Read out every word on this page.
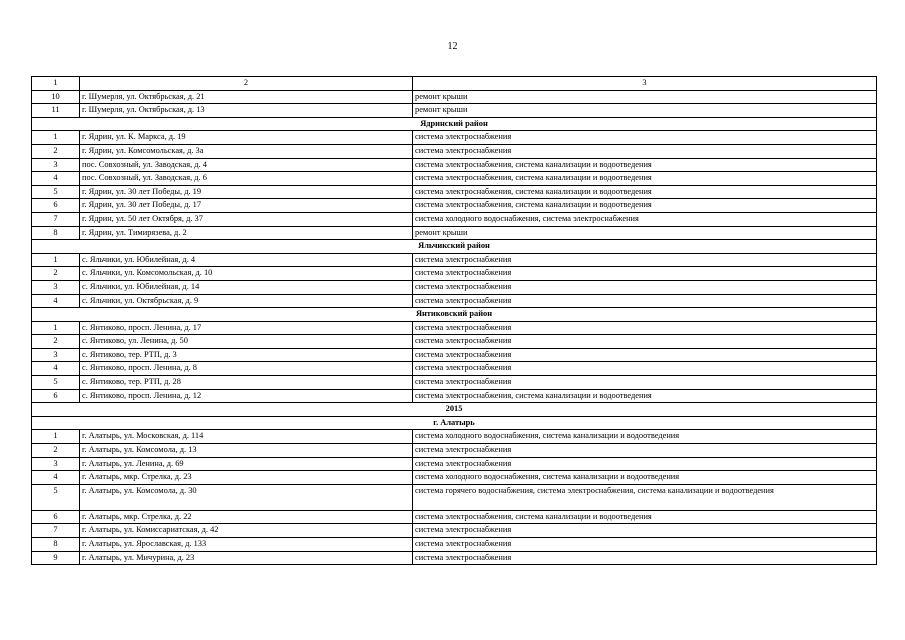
12
1	2	3
10	г. Шумерля, ул. Октябрьская, д. 21	ремонт крыши
11	г. Шумерля, ул. Октябрьская, д. 13	ремонт крыши
Ядринский район		
1	г. Ядрин, ул. К. Маркса, д. 19	система электроснабжения
2	г. Ядрин, ул. Комсомольская, д. 3а	система электроснабжения
3	пос. Совхозный, ул. Заводская, д. 4	система электроснабжения, система канализации и водоотведения
4	пос. Совхозный, ул. Заводская, д. 6	система электроснабжения, система канализации и водоотведения
5	г. Ядрин, ул. 30 лет Победы, д. 19	система электроснабжения, система канализации и водоотведения
6	г. Ядрин, ул. 30 лет Победы, д. 17	система электроснабжения, система канализации и водоотведения
7	г. Ядрин, ул. 50 лет Октября, д. 37	система холодного водоснабжения, система электроснабжения
8	г. Ядрин, ул. Тимирязева, д. 2	ремонт крыши
Яльчикский район		
1	с. Яльчики, ул. Юбилейная, д. 4	система электроснабжения
2	с. Яльчики, ул. Комсомольская, д. 10	система электроснабжения
3	с. Яльчики, ул. Юбилейная, д. 14	система электроснабжения
4	с. Яльчики, ул. Октябрьская, д. 9	система электроснабжения
Янтиковский район		
1	с. Янтиково, просп. Ленина, д. 17	система электроснабжения
2	с. Янтиково, ул. Ленина, д. 50	система электроснабжения
3	с. Янтиково, тер. РТП, д. 3	система электроснабжения
4	с. Янтиково, просп. Ленина, д. 8	система электроснабжения
5	с. Янтиково, тер. РТП, д. 28	система электроснабжения
6	с. Янтиково, просп. Ленина, д. 12	система электроснабжения, система канализации и водоотведения
2015		
г. Алатырь		
1	г. Алатырь, ул. Московская, д. 114	система холодного водоснабжения, система канализации и водоотведения
2	г. Алатырь, ул. Комсомола, д. 13	система электроснабжения
3	г. Алатырь, ул. Ленина, д. 69	система электроснабжения
4	г. Алатырь, мкр. Стрелка, д. 23	система холодного водоснабжения, система канализации и водоотведения
5	г. Алатырь, ул. Комсомола, д. 30	система горячего водоснабжения, система электроснабжения, система канализации и водоотведения
6	г. Алатырь, мкр. Стрелка, д. 22	система электроснабжения, система канализации и водоотведения
7	г. Алатырь, ул. Комиссариатская, д. 42	система электроснабжения
8	г. Алатырь, ул. Ярославская, д. 133	система электроснабжения
9	г. Алатырь, ул. Мичурина, д. 23	система электроснабжения
